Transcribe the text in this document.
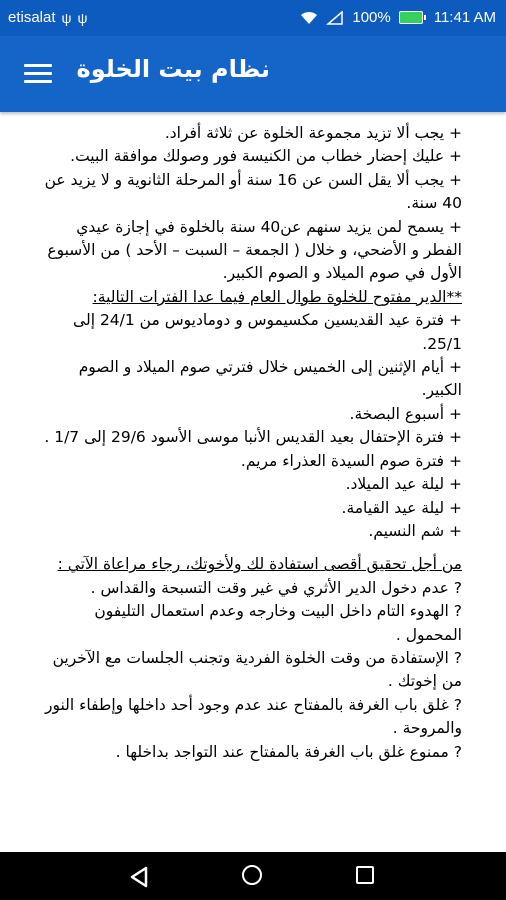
etisalat ψ ψ	100%	11:41 AM
نظام بيت الخلوة

+ يجب ألا تزيد مجموعة الخلوة عن ثلاثة أفراد.

+ عليك إحضار خطاب من الكنيسة فور وصولك موافقة البيت.

+ يجب ألا يقل السن عن 16 سنة أو المرحلة الثانوية و لا يزيد عن 40 سنة.

+ يسمح لمن يزيد سنهم عن40 سنة بالخلوة في إجازة عيدي الفطر و الأضحي، و خلال ( الجمعة – السبت – الأحد ) من الأسبوع الأول في صوم الميلاد و الصوم الكبير.

**الدير مفتوح للخلوة طوال العام فيما عدا الفترات التالية:

+ فترة عيد القديسين مكسيموس و دوماديوس من 24/1 إلى 25/1.

+ أيام الإثنين إلى الخميس خلال فترتي صوم الميلاد و الصوم الكبير.

+ أسبوع البصخة.

+ فترة الإحتفال بعيد القديس الأنبا موسى الأسود 29/6 إلى 1/7 .

+ فترة صوم السيدة العذراء مريم.

+ ليلة عيد الميلاد.

+ ليلة عيد القيامة.

+ شم النسيم.

من أجل تحقيق أقصى استفادة لك ولأخوتك، رجاء مراعاة الآتي :

? عدم دخول الدير الأثري في غير وقت التسبحة والقداس .

? الهدوء التام داخل البيت وخارجه وعدم استعمال التليفون المحمول .

? الإستفادة من وقت الخلوة الفردية وتجنب الجلسات مع الآخرين من إخوتك .

? غلق باب الغرفة بالمفتاح عند عدم وجود أحد داخلها وإطفاء النور والمروحة .

? ممنوع غلق باب الغرفة بالمفتاح عند التواجد بداخلها .
